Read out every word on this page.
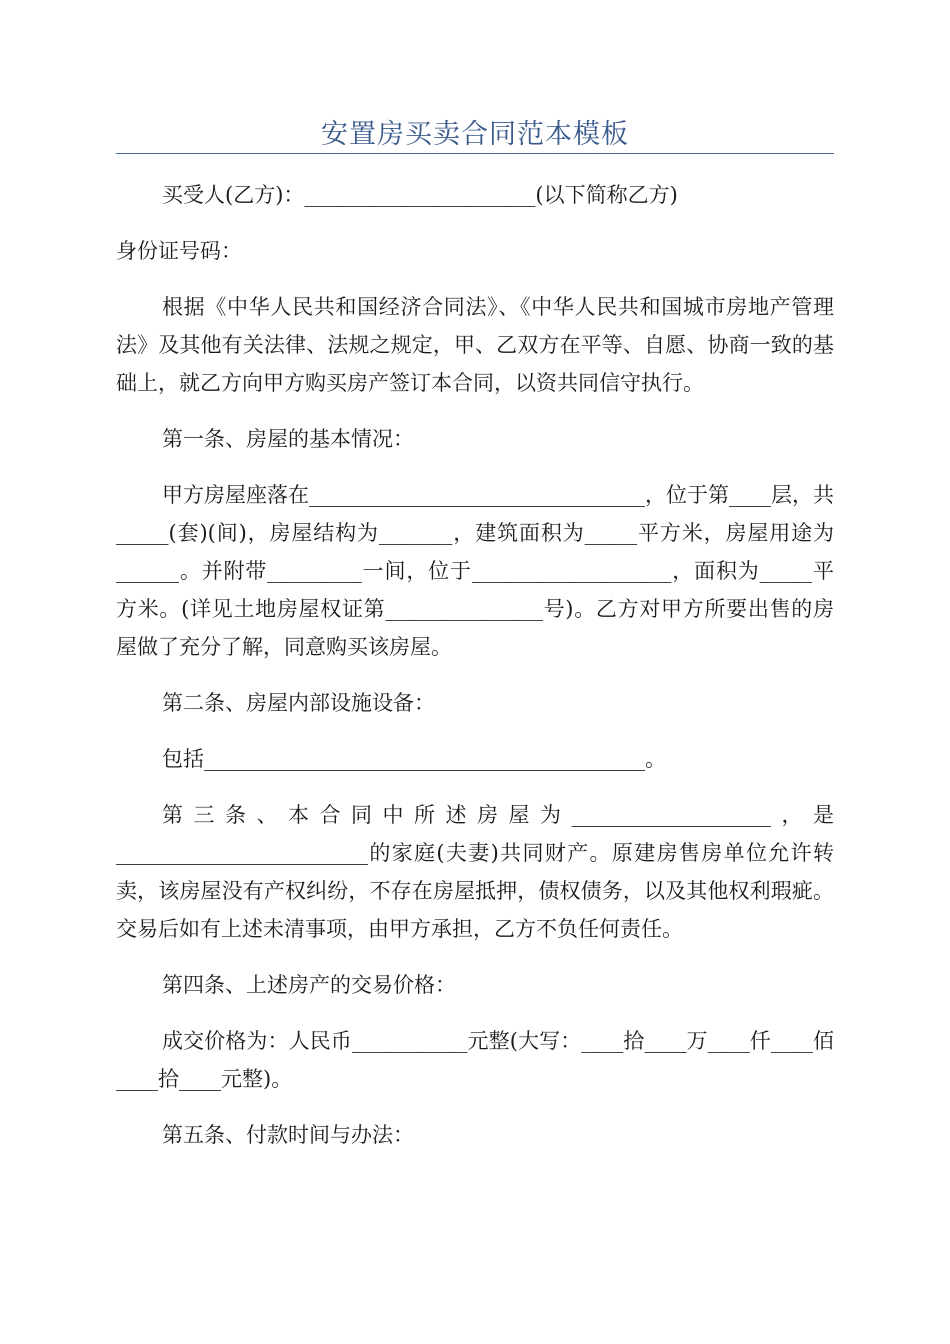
安置房买卖合同范本模板

买受人(乙方)：______________________(以下简称乙方)

身份证号码：

根据《中华人民共和国经济合同法》、《中华人民共和国城市房地产管理法》及其他有关法律、法规之规定，甲、乙双方在平等、自愿、协商一致的基础上，就乙方向甲方购买房产签订本合同，以资共同信守执行。

第一条、房屋的基本情况：

甲方房屋座落在________________________________，位于第____层，共_____(套)(间)，房屋结构为_______，建筑面积为_____平方米，房屋用途为______。并附带_________一间，位于___________________，面积为_____平方米。(详见土地房屋权证第_______________号)。乙方对甲方所要出售的房屋做了充分了解，同意购买该房屋。

第二条、房屋内部设施设备：

包括__________________________________________。

第三条、本合同中所述房屋为___________________，是________________________的家庭(夫妻)共同财产。原建房售房单位允许转卖，该房屋没有产权纠纷，不存在房屋抵押，债权债务，以及其他权利瑕疵。交易后如有上述未清事项，由甲方承担，乙方不负任何责任。

第四条、上述房产的交易价格：

成交价格为：人民币___________元整(大写：____拾____万____仟____佰____拾____元整)。

第五条、付款时间与办法：
